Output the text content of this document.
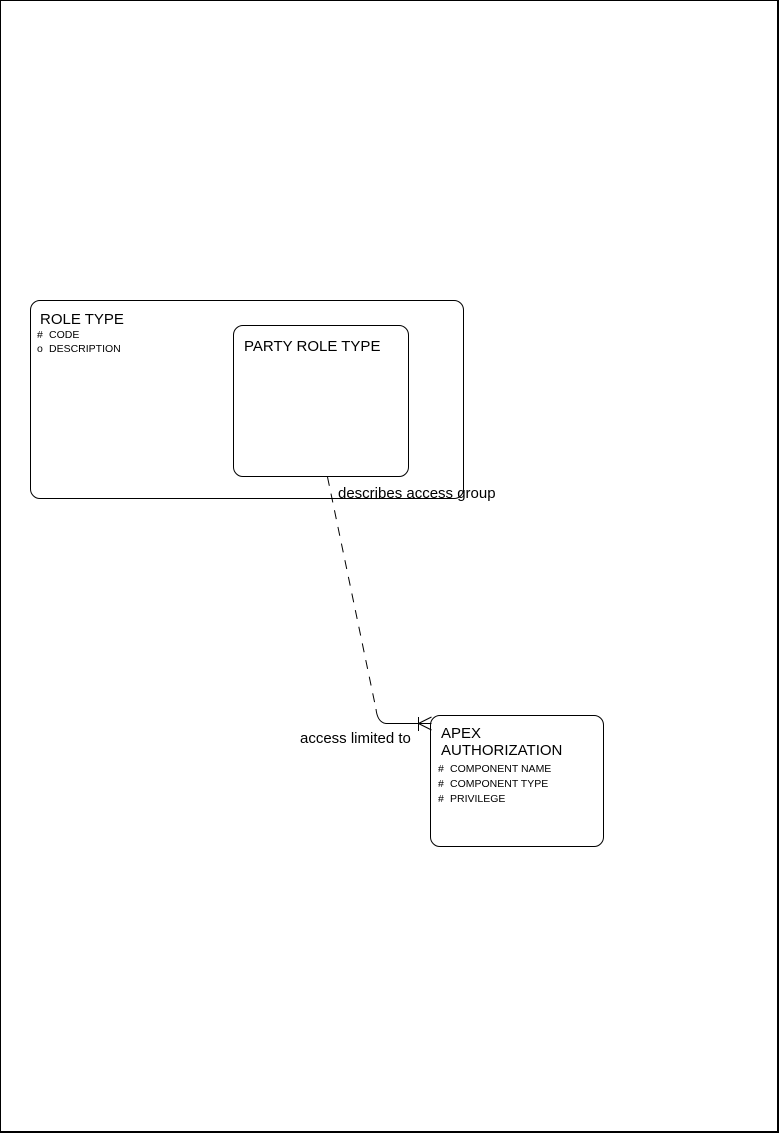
ROLE TYPE
# CODE
o DESCRIPTION	PARTY ROLE TYPE
describes access group
access limited to APEX AUTHORIZATION
# COMPONENT NAME
# COMPONENT TYPE
# PRIVILEGE
